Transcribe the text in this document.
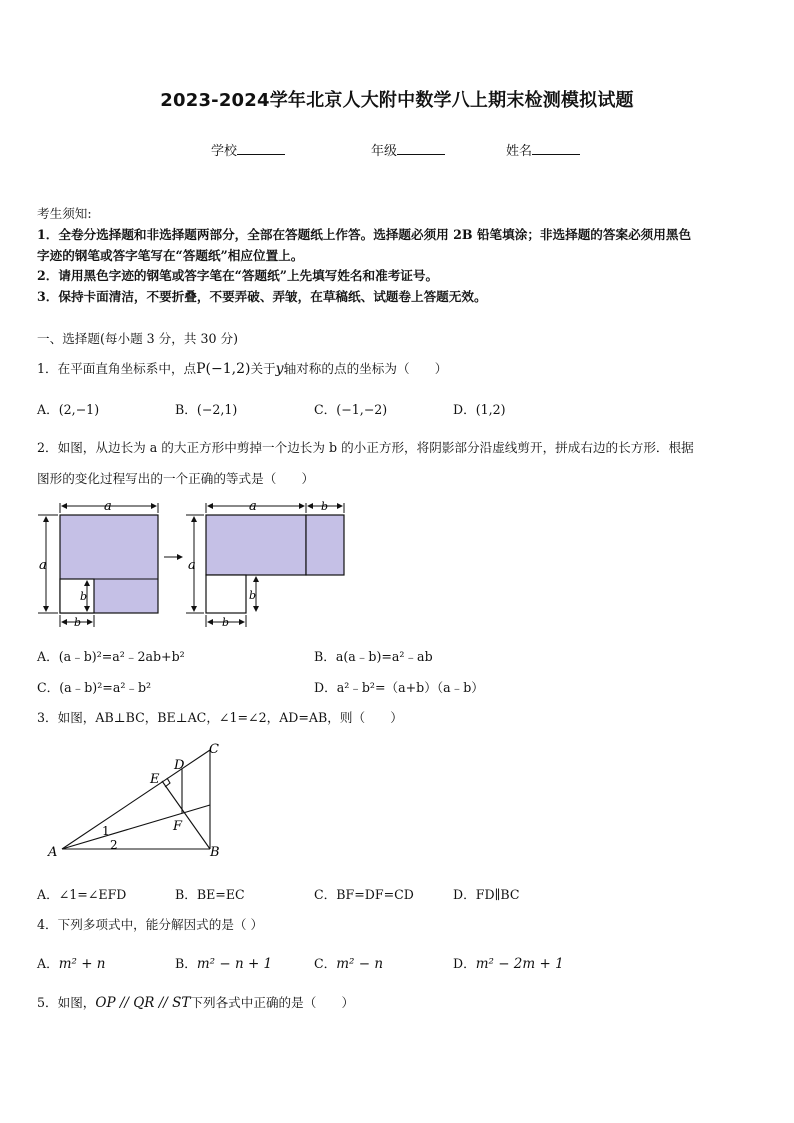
2023-2024学年北京人大附中数学八上期末检测模拟试题
学校	年级	姓名
考生须知:
1．全卷分选择题和非选择题两部分，全部在答题纸上作答。选择题必须用 2B 铅笔填涂；非选择题的答案必须用黑色
字迹的钢笔或答字笔写在“答题纸”相应位置上。
2．请用黑色字迹的钢笔或答字笔在“答题纸”上先填写姓名和准考证号。
3．保持卡面清洁，不要折叠，不要弄破、弄皱，在草稿纸、试题卷上答题无效。
一、选择题(每小题 3 分，共 30 分)
1．在平面直角坐标系中，点P(−1,2)关于y轴对称的点的坐标为（　　）
A．(2,−1)	B．(−2,1)	C．(−1,−2)	D．(1,2)
2．如图，从边长为 a 的大正方形中剪掉一个边长为 b 的小正方形，将阴影部分沿虚线剪开，拼成右边的长方形．根据
图形的变化过程写出的一个正确的等式是（　　）
a
a
b
b
a	b
a
b
b
A．(a﹣b)²=a²﹣2ab+b²	B．a(a﹣b)=a²﹣ab
C．(a﹣b)²=a²﹣b²	D．a²﹣b²=（a+b）（a﹣b）
3．如图，AB⊥BC，BE⊥AC，∠1=∠2，AD=AB，则（　　）
A	B
C
D
E
F
1
2
A．∠1=∠EFD	B．BE=EC	C．BF=DF=CD	D．FD∥BC
4．下列多项式中，能分解因式的是（ ）
A．m² + n	B．m² − n + 1	C．m² − n	D．m² − 2m + 1
5．如图，OP // QR // ST下列各式中正确的是（　　）
